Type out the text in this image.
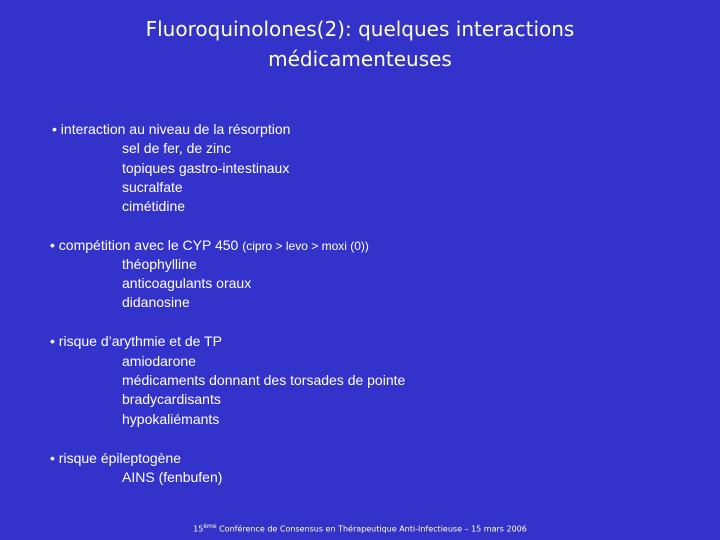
Fluoroquinolones(2): quelques interactions
médicamenteuses
• interaction au niveau de la résorption
sel de fer, de zinc
topiques gastro-intestinaux
sucralfate
cimétidine
• compétition avec le CYP 450 (cipro > levo > moxi (0))
théophylline
anticoagulants oraux
didanosine
• risque d’arythmie et de TP
amiodarone
médicaments donnant des torsades de pointe
bradycardisants
hypokaliémants
• risque épileptogène
AINS (fenbufen)
15ème Conférence de Consensus en Thérapeutique Anti-Infectieuse – 15 mars 2006
